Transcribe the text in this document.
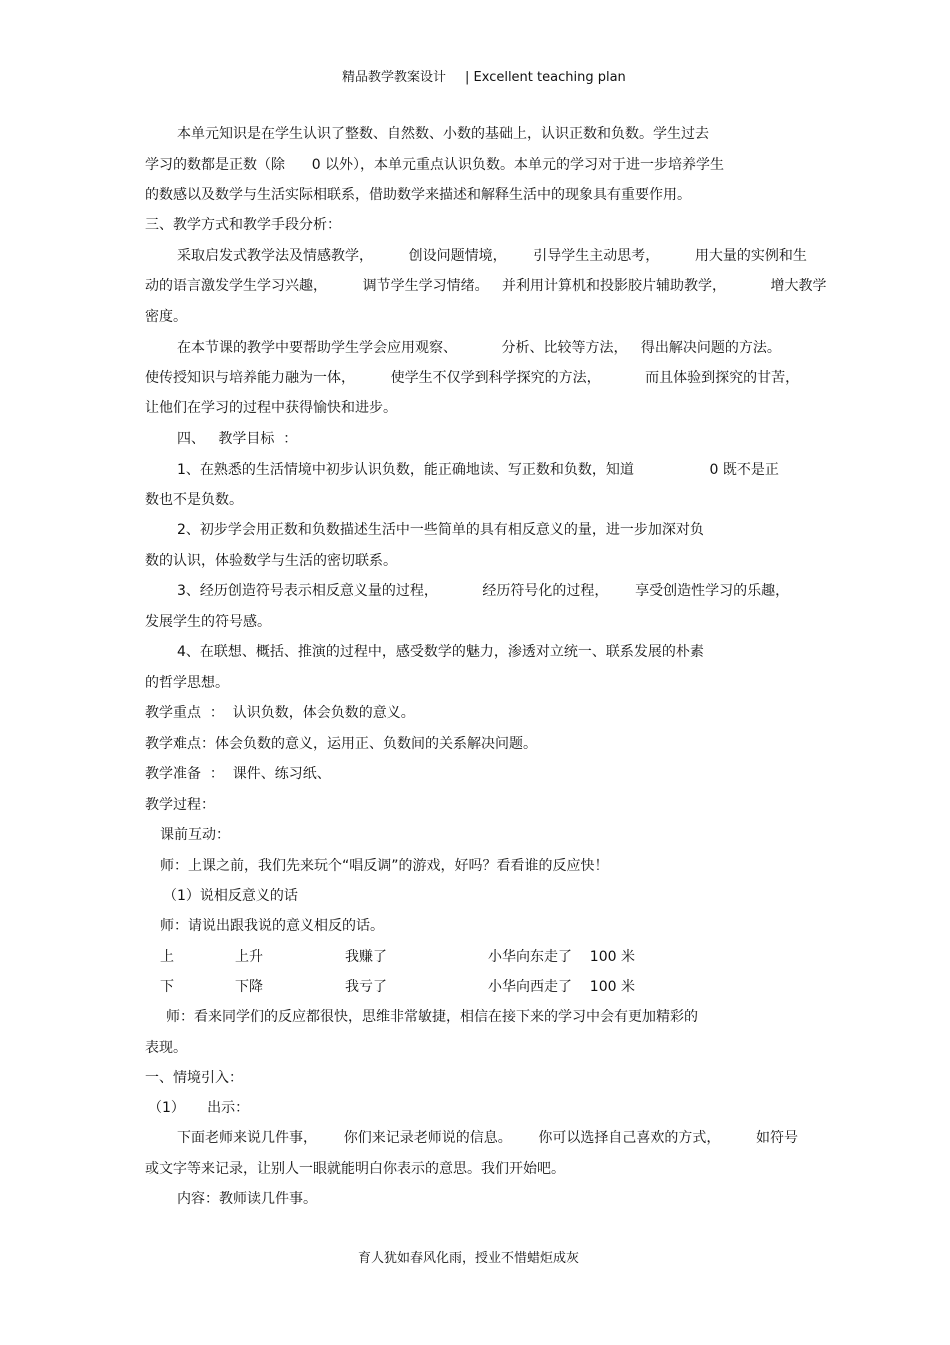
精品教学教案设计 | Excellent teaching plan
本单元知识是在学生认识了整数、自然数、小数的基础上，认识正数和负数。学生过去
学习的数都是正数（除      0 以外），本单元重点认识负数。本单元的学习对于进一步培养学生
的数感以及数学与生活实际相联系，借助数学来描述和解释生活中的现象具有重要作用。
三、教学方式和教学手段分析：
采取启发式教学法及情感教学，        创设问题情境，      引导学生主动思考，        用大量的实例和生
动的语言激发学生学习兴趣，        调节学生学习情绪。   并利用计算机和投影胶片辅助教学，          增大教学
密度。
在本节课的教学中要帮助学生学会应用观察、          分析、比较等方法，   得出解决问题的方法。
使传授知识与培养能力融为一体，        使学生不仅学到科学探究的方法，          而且体验到探究的甘苦，
让他们在学习的过程中获得愉快和进步。
四、   教学目标  ：
1、在熟悉的生活情境中初步认识负数，能正确地读、写正数和负数，知道                 0 既不是正
数也不是负数。
2、初步学会用正数和负数描述生活中一些简单的具有相反意义的量，进一步加深对负
数的认识，体验数学与生活的密切联系。
3、经历创造符号表示相反意义量的过程，          经历符号化的过程，      享受创造性学习的乐趣，
发展学生的符号感。
4、在联想、概括、推演的过程中，感受数学的魅力，渗透对立统一、联系发展的朴素
的哲学思想。
教学重点  ：  认识负数，体会负数的意义。
教学难点：体会负数的意义，运用正、负数间的关系解决问题。
教学准备  ：  课件、练习纸、
教学过程：
课前互动：
师：上课之前，我们先来玩个“唱反调”的游戏，好吗？看看谁的反应快！
（1）说相反意义的话
师：请说出跟我说的意义相反的话。
上	上升	我赚了	小华向东走了    100 米
下	下降	我亏了	小华向西走了    100 米
师：看来同学们的反应都很快，思维非常敏捷，相信在接下来的学习中会有更加精彩的
表现。
一、情境引入：
（1）     出示：
下面老师来说几件事，      你们来记录老师说的信息。      你可以选择自己喜欢的方式，        如符号
或文字等来记录，让别人一眼就能明白你表示的意思。我们开始吧。
内容：教师读几件事。
育人犹如春风化雨，授业不惜蜡炬成灰
